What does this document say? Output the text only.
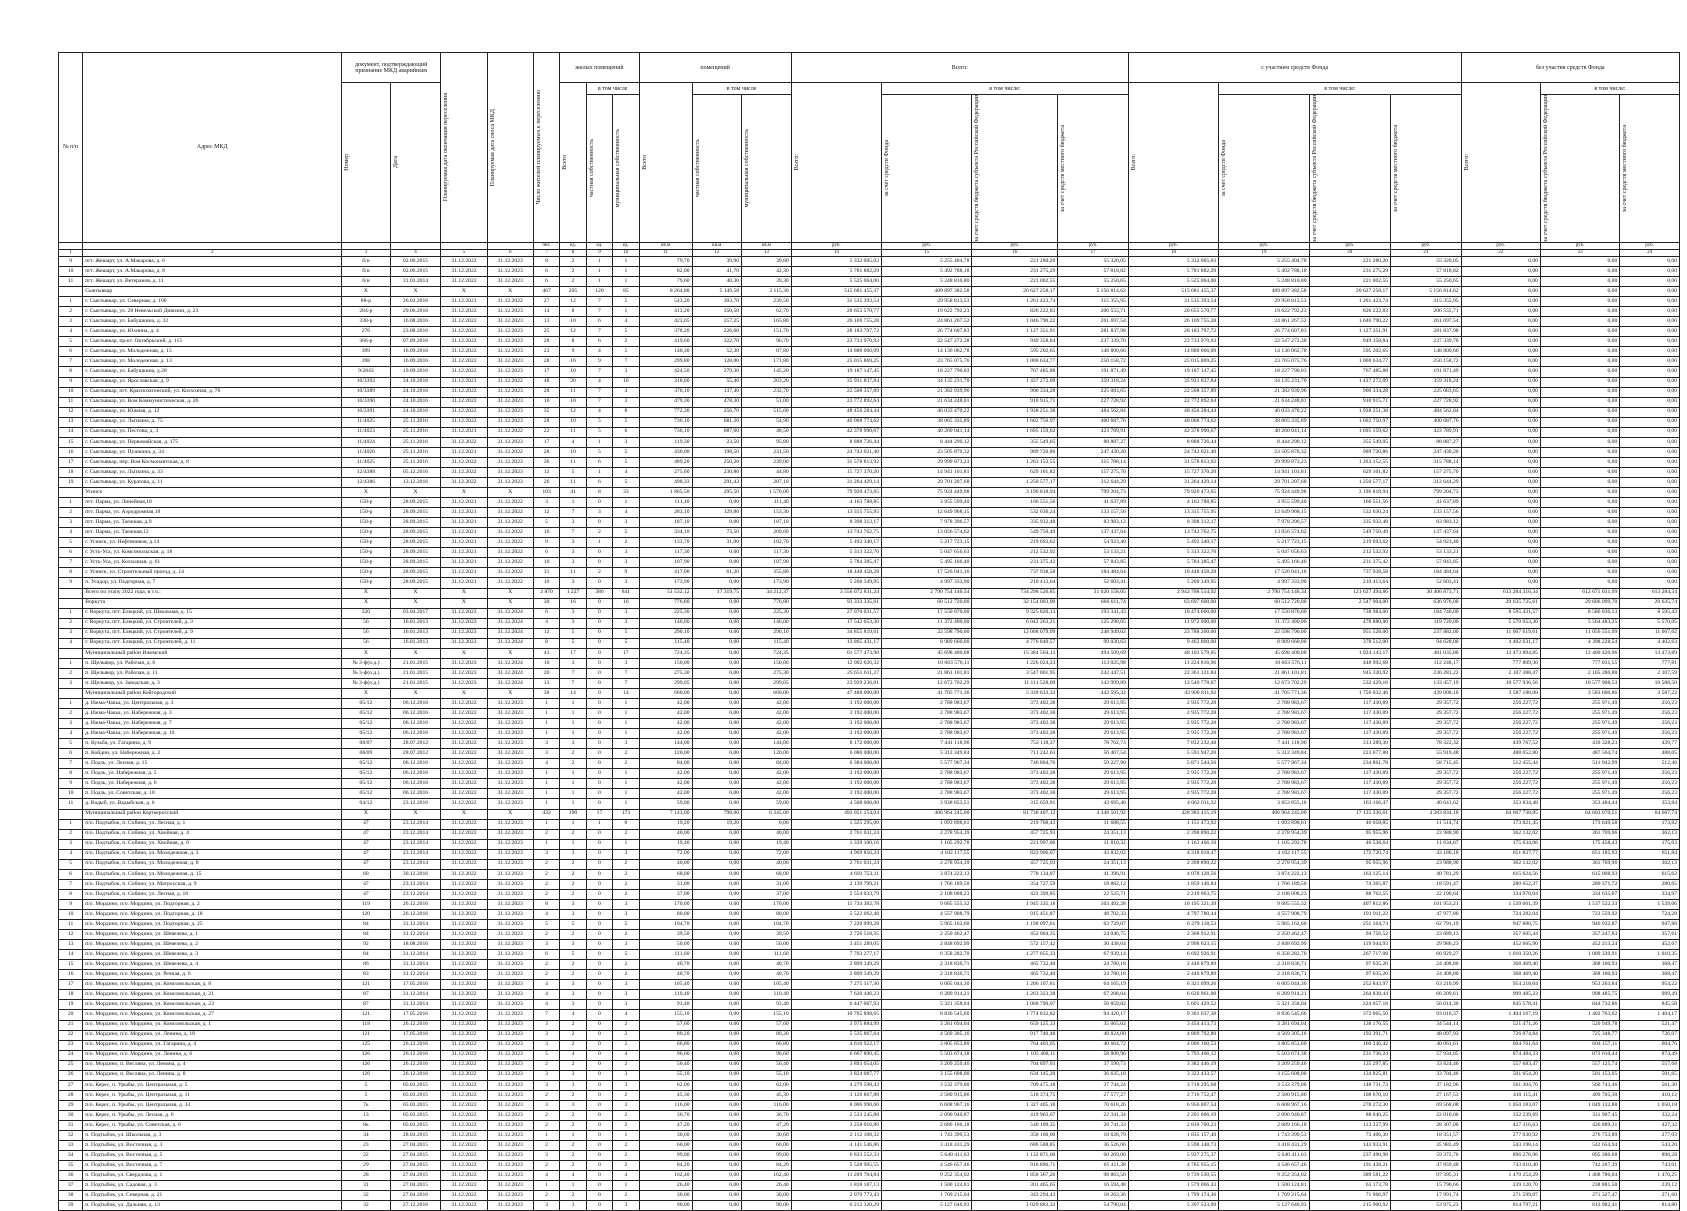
№ п/п	Адрес МКД	документ, подтверждающий признание МКД аварийным		Планируемая дата окончания переселения	Планируемая дата сноса МКД	Число жителей планируемых к переселению	жилых помещений			помещений			Всего:				с участием средств Фонда				без участия средств Фонда		

		Номер	Дата				Всего	в том числе		Всего	в том числе		Всего:	в том числе:			Всего:	в том числе:			Всего:	в том числе:	

								частная собственность	муниципальная собственность		частная собственность	муниципальная собственность		за счет средств Фонда	за счет средств бюджета субъекта Российской Федерации	за счет средств местного бюджета		за счет средств Фонда	за счет средств бюджета субъекта Российской Федерации	за счет средств местного бюджета		за счет средств бюджета субъекта Российской Федерации	за счет средств местного бюджета

						чел.	ед.	ед.	ед.	кв.м	кв.м	кв.м	руб.	руб.	руб.	руб.	руб.	руб.	руб.	руб.	руб.	руб.	руб.
1	2	3	4	5	6	7	8	9	10	11	12	13	14	15	16	17	18	19	20	21	22	23	24
9	пгт. Жешарт, ул. А.Макарова, д. 6	б/н	02.06.2015	31.12.2022	31.12.2023	8	2	1	1	79,70	39,90	39,80	5 332 005,03	5 255 404,78	221 280,20	55 320,05	5 332 005,03	5 255 404,78	221 280,20	55 320,05	0,00	0,00	0,00
10	пгт. Жешарт, ул. А.Макарова, д. 8	б/н	02.06.2015	31.12.2022	31.12.2023	6	2	1	1	82,00	41,70	42,30	5 781 882,29	5 492 788,18	231 275,29	57 818,82	5 781 882,29	5 492 788,18	231 275,29	57 818,82	0,00	0,00	0,00
11	пгт. Жешарт, ул. Ветеранов, д. 11	б/н	31.03.2014	31.12.2022	31.12.2023	6	2	1	1	79,60	40,30	39,30	5 525 064,00	5 248 810,80	221 002,55	55 250,65	5 525 064,00	5 248 810,80	221 002,55	55 250,65	0,00	0,00	0,00
	Сыктывкар	X	X	X	X	467	205	120	85	8 264,88	5 149,58	3 115,30	515 681 455,37	489 897 382,58	20 627 258,17	5 156 814,62	515 681 455,37	489 897 382,58	20 627 258,17	5 156 814,62	0,00	0,00	0,00
1	г. Сыктывкар, ул. Северная, д. 100	88-р	26.02.2016	31.12.2021	31.12.2022	27	12	7	5	543,20	303,70	239,50	31 535 393,54	29 958 813,53	1 261 423,74	315 355,95	31 535 393,54	29 958 813,53	1 261 423,74	315 355,95	0,00	0,00	0,00
2	г. Сыктывкар, ул. 28 Невельской Дивизии, д. 23	284-р	29.06.2016	31.12.2022	31.12.2023	14	8	7	1	413,20	350,50	62,70	20 655 570,77	19 622 792,23	826 222,83	206 555,71	20 655 570,77	19 622 792,23	826 222,83	206 555,71	0,00	0,00	0,00
3	г. Сыктывкар, ул. Бабушкина, д. 32	338-р	16.08.2016	31.12.2022	31.12.2023	13	10	6	4	423,05	257,25	165,80	26 169 755,28	24 861 267,52	1 046 790,22	261 697,54	26 169 755,28	24 861 267,52	1 046 790,22	261 697,54	0,00	0,00	0,00
4	г. Сыктывкар, ул. Юхнина, д. 4	276	23.08.2016	31.12.2022	31.12.2023	25	12	7	5	378,20	226,60	151,70	28 183 797,72	26 774 607,83	1 127 351,91	281 837,98	28 183 797,72	26 774 607,83	1 127 351,91	281 837,98	0,00	0,00	0,00
5	г. Сыктывкар, пр-кт. Октябрьский, д. 115	366-р	07.09.2016	31.12.2022	31.12.2023	28	8	6	2	419,60	322,70	96,70	23 733 970,93	22 547 272,38	949 358,84	237 339,70	23 733 970,93	22 547 272,38	949 358,84	237 339,70	0,00	0,00	0,00
6	г. Сыктывкар, ул. Молодежная, д. 15	399	16.09.2016	31.12.2022	31.12.2023	23	9	4	5	140,30	52,30	87,80	14 880 066,09	14 136 062,78	595 202,65	148 800,66	14 880 066,09	14 136 062,78	595 202,65	148 800,66	0,00	0,00	0,00
7	г. Сыктывкар, ул. Молодежная, д. 13	398	16.09.2016	31.12.2022	31.12.2023	28	16	9	7	299,80	128,00	171,80	25 015 869,25	23 765 075,76	1 000 634,77	250 158,72	25 015 869,25	23 765 075,76	1 000 634,77	250 158,72	0,00	0,00	0,00
8	г. Сыктывкар, ул. Бабушкина, д.28	9/2843	19.09.2016	31.12.2022	31.12.2023	17	10	7	3	424,50	279,30	145,20	19 187 147,45	18 227 790,03	767 485,88	191 871,49	19 187 147,45	18 227 790,03	767 485,88	191 871,49	0,00	0,00	0,00
9	г. Сыктывкар, ул. Ярославская, д. 9	10/3392	24.10.2016	31.12.2021	31.12.2022	48	20	4	16	318,60	55,40	263,20	35 931 837,84	34 135 231,70	1 437 272,09	359 318,24	35 931 837,84	34 135 231,70	1 437 272,09	359 318,24	0,00	0,00	0,00
10	г. Сыктывкар, пгт. Краснозатонский, ул. Колхозная, д. 78	10/3389	24.10.2016	31.12.2022	31.12.2023	28	11	7	4	370,10	137,40	232,70	22 508 357,89	21 382 939,96	900 334,28	225 083,65	22 508 357,89	21 382 939,96	900 334,28	225 083,65	0,00	0,00	0,00
11	г. Сыктывкар, ул. Вом Коммунистическая, д. 26	10/3390	24.10.2016	31.12.2022	31.12.2023	16	10	7	3	479,30	478,30	51,00	22 772 892,64	21 634 248,01	910 915,71	227 728,92	22 772 892,64	21 634 248,01	910 915,71	227 728,92	0,00	0,00	0,00
12	г. Сыктывкар, ул. Южная, д. 12	10/3391	24.10.2016	31.12.2022	31.12.2023	35	12	4	8	772,30	256,70	515,60	48 456 284,44	46 033 470,22	1 938 251,38	484 562,84	48 456 284,44	46 033 470,22	1 938 251,38	484 562,84	0,00	0,00	0,00
13	г. Сыктывкар, ул. Лыткина, д. 75	11/4025	25.11.2016	31.12.2022	31.12.2023	28	10	5	5	736,10	681,20	54,90	40 068 774,62	38 065 335,89	1 602 750,97	400 687,76	40 068 774,62	38 065 335,89	1 602 750,97	400 687,76	0,00	0,00	0,00
14	г. Сыктывкар, ул. Пестова, д. 3	11/4023	25.11.2016	31.12.2021	31.12.2022	22	11	5	6	736,10	687,60	48,50	42 378 990,67	40 260 041,14	1 695 159,62	423 789,91	42 378 990,67	40 260 041,14	1 695 159,62	423 789,91	0,00	0,00	0,00
15	г. Сыктывкар, ул. Первомайская, д. 175	11/4024	25.11.2016	31.12.2022	31.12.2023	17	4	1	3	119,30	23,50	95,80	8 888 726,44	8 444 290,12	355 549,05	88 887,27	8 888 726,44	8 444 290,12	355 549,05	88 887,27	0,00	0,00	0,00
16	г. Сыктывкар, ул. Пушкина, д. 34	11/4026	25.11.2016	31.12.2021	31.12.2022	28	10	5	5	430,00	198,50	231,50	24 743 021,40	23 505 870,32	989 720,86	247 430,20	24 743 021,40	23 505 870,32	989 720,86	247 430,20	0,00	0,00	0,00
17	г. Сыктывкар, пер. Вом Космонавтская, д. 8	11/4025	25.11.2016	31.12.2022	31.12.2023	36	11	6	5	489,20	250,20	239,00	31 578 813,92	29 999 873,23	1 263 152,55	315 788,14	31 578 813,92	29 999 873,23	1 263 152,55	315 788,14	0,00	0,00	0,00
18	г. Сыктывкар, ул. Лыткина, д. 33	12/4388	05.12.2016	31.12.2022	31.12.2023	12	5	1	4	275,60	230,80	44,80	15 727 370,20	14 941 101,81	629 101,82	157 275,70	15 727 370,20	14 941 101,81	629 101,82	157 275,70	0,00	0,00	0,00
19	г. Сыктывкар, ул. Куратова, д. 11	12/4386	13.12.2016	31.12.2022	31.12.2023	26	11	6	5	498,33	291,43	207,10	31 264 429,14	29 701 207,68	1 250 577,17	312 644,29	31 264 429,14	29 701 207,68	1 250 577,17	312 644,29	0,00	0,00	0,00
	Усинск	X	X	X	X	103	41	8	33	1 865,50	295,50	1 570,00	79 920 473,65	75 924 449,98	3 196 818,94	799 204,73	79 920 473,65	75 924 449,98	3 196 818,94	799 204,73	0,00	0,00	0,00
1	пгт. Парма, ул. Линейная,18	150-р	28.09.2015	31.12.2021	31.12.2022	3	1	0	1	111,40	0,00	111,40	4 163 788,85	3 955 599,40	166 551,56	41 637,89	4 163 788,85	3 955 599,40	166 551,56	41 637,89	0,00	0,00	0,00
2	пгт. Парма, ул. Аэродромная,18	150-р	28.09.2015	31.12.2021	31.12.2022	12	7	3	4	283,10	129,80	153,30	13 315 755,95	12 649 968,15	532 630,24	133 157,56	13 315 755,95	12 649 968,15	532 630,24	133 157,56	0,00	0,00	0,00
3	пгт. Парма, ул. Таежная, д.9	150-р	28.09.2015	31.12.2021	31.12.2022	5	3	0	3	187,10	0,00	187,10	8 398 312,17	7 978 396,57	335 932,48	83 983,12	8 398 312,17	7 978 396,57	335 932,48	83 983,12	0,00	0,00	0,00
4	пгт. Парма, ул. Таежная,12	150-р	28.09.2015	31.12.2021	31.12.2022	16	7	2	5	334,10	73,50	260,60	13 743 762,75	13 056 574,62	549 750,49	137 437,64	13 743 762,75	13 056 574,62	549 750,49	137 437,64	0,00	0,00	0,00
5	г. Усинск, ул. Нефтяников, д.14	150-р	28.09.2015	31.12.2021	31.12.2022	9	3	1	2	133,70	31,00	102,70	5 492 340,17	5 217 723,15	219 693,62	54 923,40	5 492 340,17	5 217 723,15	219 693,62	54 923,40	0,00	0,00	0,00
6	г. Усть-Уса, ул. Комсомольская, д. 18	150-р	28.09.2015	31.12.2021	31.12.2022	6	3	0	3	117,30	0,00	117,30	5 313 322,76	5 047 656,63	212 532,92	53 133,21	5 313 322,76	5 047 656,63	212 532,92	53 133,21	0,00	0,00	0,00
7	г. Усть-Уса, ул. Колхозная, д. 61	150-р	28.09.2015	31.12.2021	31.12.2022	10	3	0	3	107,90	0,00	107,90	5 784 385,47	5 495 166,40	231 375,42	57 843,85	5 784 385,47	5 495 166,40	231 375,42	57 843,85	0,00	0,00	0,00
8	г. Усинск, ул. Строительный проезд, д. 14	150-р	28.09.2015	31.12.2021	31.12.2022	31	11	2	9	417,00	61,20	355,80	18 448 458,28	17 526 041,16	737 938,58	184 484,64	18 448 458,28	17 526 041,16	737 938,58	184 484,64	0,00	0,00	0,00
9	п. Усадор, ул. Подгорная, д. 7	150-р	28.09.2015	31.12.2021	31.12.2022	10	3	0	3	173,90	0,00	173,90	5 260 349,95	4 997 333,90	210 413,64	52 603,41	5 260 349,95	4 997 333,90	210 413,64	52 603,41	0,00	0,00	0,00
	Всего по этапу 2022 года, в т.ч.:	X	X	X	X	2 870	1 227	386	841	51 532,12	17 319,75	34 212,37	3 556 072 831,24	2 790 754 146,34	734 298 526,85	31 020 158,05	2 942 788 514,92	2 790 754 146,34	121 627 494,86	30 406 873,71	613 284 316,34	612 671 031,99	613 284,34
	Воркута	X	X	X	X	30	16	0	16	776,80	0,00	776,80	93 333 335,61	60 512 720,00	32 154 003,90	666 611,74	63 697 600,00	60 512 720,00	2 547 904,00	636 976,00	29 635 735,61	29 606 099,70	29 635,74
1	г. Воркута, пгт. Елецкий, ул. Школьная, д. 15	320	03.04.2017	31.12.2023	31.12.2024	6	3	0	3	225,30	0,00	225,30	27 070 031,57	17 550 870,00	9 325 820,13	193 341,43	18 474 600,00	17 550 870,00	738 984,00	184 746,00	8 595 431,57	8 586 836,13	8 595,43
2	г. Воркута, пгт. Елецкий, ул. Строителей, д. 3	56	16.01.2013	31.12.2023	31.12.2024	4	3	0	3	146,00	0,00	146,00	17 542 053,30	11 372 400,00	6 043 263,21	125 290,05	11 972 000,00	11 372 400,00	478 880,00	119 720,00	5 570 053,30	5 564 483,25	5 570,05
3	г. Воркута, пгт. Елецкий, ул. Строителей, д. 9	56	16.01.2013	31.12.2023	31.12.2024	12	5	0	5	290,10	0,00	290,10	34 855 819,61	22 598 790,00	12 008 079,99	248 949,62	23 788 200,00	22 598 790,00	951 528,00	237 882,00	11 067 619,61	11 056 551,99	11 067,62
4	г. Воркута, пгт. Елецкий, ул. Строителей, д. 11	56	16.01.2013	31.12.2023	31.12.2024	8	5	0	5	115,40	0,00	115,40	13 865 431,17	8 989 660,00	4 776 840,57	99 030,63	9 462 800,00	8 989 660,00	378 512,00	94 628,00	4 402 631,17	4 398 228,54	4 402,63
	Муниципальный район Ижемский	X	X	X	X	43	17	0	17	724,35	0,00	724,35	61 577 473,90	45 698 400,08	15 384 564,13	494 509,69	48 103 579,05	45 698 400,08	1 924 143,17	481 035,80	13 473 894,85	13 460 420,96	13 473,89
1	п. Щельяюр, ул. Рабочая, д. 6	№ 3-ф(о.д.)	21.01.2015	31.12.2023	31.12.2024	10	3	0	3	150,00	0,00	150,00	12 002 626,32	10 663 576,11	1 226 024,23	113 025,98	11 224 816,96	10 663 576,11	448 992,68	112 248,17	777 809,36	777 031,55	777,81
2	п. Щельяюр, ул. Рабочая, д. 11	№ 3-ф(о.д.)	21.01.2015	31.12.2023	31.12.2024	20	7	0	7	275,30	0,00	275,30	25 651 611,27	21 861 101,81	3 547 061,95	242 447,51	22 361 121,84	21 861 101,81	945 320,92	236 281,22	2 107 388,47	2 105 280,88	2 107,59
3	п. Щельяюр, ул. Заводская, д. 3	№ 3-ф(о.д.)	21.01.2015	31.12.2023	31.12.2024	13	7	0	7	299,05	0,00	299,05	23 929 236,01	12 673 702,29	11 111 528,09	143 999,89	12 540 778,07	12 673 702,29	532 429,16	133 457,19	10 577 936,56	10 577 908,53	10 588,50
	Муниципальный район Койгородский	X	X	X	X	30	14	0	14	660,00	0,00	660,00	47 488 000,00	41 705 771,36	5 339 633,32	442 595,32	43 900 811,92	41 705 771,36	1 756 032,46	439 008,10	3 587 188,08	3 583 600,86	3 587,22
1	д. Ижма-Чакьа, ул. Центральная, д. 3	05/12	06.12.2016	31.12.2022	31.12.2023	1	1	0	1	42,00	0,00	42,00	3 192 000,00	2 788 983,67	373 402,38	29 613,95	2 935 772,28	2 788 983,67	117 430,89	29 357,72	256 227,72	255 971,49	256,23
2	д. Ижма-Чакьа, ул. Набережная, д. 3	05/12	06.12.2016	31.12.2022	31.12.2023	1	1	0	1	42,00	0,00	42,00	3 192 000,00	2 788 983,67	373 402,38	29 613,95	2 935 772,28	2 788 983,67	117 430,89	29 357,72	256 227,72	255 971,49	256,23
3	д. Ижма-Чакьа, ул. Набережная, д. 7	05/12	06.12.2016	31.12.2022	31.12.2023	1	1	0	1	42,00	0,00	42,00	3 192 000,00	2 788 983,67	373 402,38	29 613,95	2 935 772,28	2 788 983,67	117 430,89	29 357,72	256 227,72	255 971,49	256,23
4	д. Ижма-Чакьа, ул. Набережная, д. 10	05/12	06.12.2016	31.12.2022	31.12.2023	1	1	0	1	42,00	0,00	42,00	3 192 000,00	2 788 983,67	373 402,38	29 613,95	2 935 772,28	2 788 983,67	117 430,89	29 357,72	256 227,72	255 971,49	256,23
5	п. Кузьба, ул. Гагарина, д. 9	08/07	28.07.2012	31.12.2022	31.12.2023	3	3	0	3	144,00	0,00	144,00	8 172 000,00	7 441 118,96	752 118,37	78 762,73	7 832 232,48	7 441 118,96	313 289,30	78 322,32	439 767,52	439 328,23	439,77
6	п. Койдин, ул. Набережная, д. 2	08/09	28.07.2012	31.12.2022	31.12.2023	3	2	0	2	120,00	0,00	120,00	6 080 000,00	5 312 349,84	711 242,63	56 407,54	5 591 947,20	5 312 349,84	223 677,88	55 919,48	488 052,80	487 564,74	488,05
7	п. Подзь, ул. Лесная, д. 15	05/12	06.12.2016	31.12.2022	31.12.2023	4	2	0	2	84,00	0,00	84,00	6 384 000,00	5 577 967,34	746 804,76	59 227,90	5 871 544,56	5 577 967,34	234 861,78	58 715,45	512 455,44	511 942,99	512,46
8	п. Подзь, ул. Набережная, д. 5	05/12	06.12.2016	31.12.2022	31.12.2023	1	1	0	1	42,00	0,00	42,00	3 192 000,00	2 788 983,67	373 402,38	29 613,95	2 935 772,28	2 788 983,67	117 430,89	29 357,72	256 227,72	255 971,49	256,23
9	п. Подзь, ул. Набережная, д. 6	05/12	06.12.2016	31.12.2022	31.12.2023	1	1	0	1	42,00	0,00	42,00	3 192 000,00	2 788 983,67	373 402,38	29 613,95	2 935 772,28	2 788 983,67	117 430,89	29 357,72	256 227,72	255 971,49	256,23
10	п. Подзь, ул. Советская, д. 10	05/12	06.12.2016	31.12.2022	31.12.2023	1	1	0	1	42,00	0,00	42,00	3 192 000,00	2 788 983,67	373 402,38	29 613,95	2 935 772,28	2 788 983,67	117 430,89	29 357,72	256 227,72	255 971,49	256,23
11	д. Вадыб, ул. Вадыбская, д. 6	04/12	23.12.2016	31.12.2022	31.12.2023	1	1	0	1	59,00	0,00	59,00	4 508 000,00	3 938 853,51	315 659,91	43 695,46	4 062 011,32	3 853 855,10	163 166,47	40 641,62	353 834,48	353 484,44	353,84
	Муниципальный район Корткеросский	X	X	X	X	432	190	17	173	7 143,00	798,00	6 345,00	493 051 154,04	406 964 245,00	81 738 407,12	4 348 501,92	428 383 415,19	406 964 245,00	17 135 336,61	4 283 834,18	64 667 738,85	64 603 070,51	64 667,74
1	п/о. Подтыбок, п. Собино, ул. Лесная, д. 1	47	23.12.2014	31.12.2022	31.12.2023	1	1	1	0	19,20	19,20	0,00	1 325 295,00	1 093 898,61	219 708,43	11 688,55	1 151 473,92	1 093 898,61	46 058,85	11 514,74	173 821,45	173 649,58	173,82
2	п/о. Подтыбок, п. Собино, ул. Хвойная, д. 4	47	23.12.2014	31.12.2022	31.12.2023	2	2	0	2	40,00	0,00	40,00	2 761 031,24	2 278 954,39	457 725,93	24 351,13	2 398 890,22	2 278 954,39	95 955,96	23 988,90	362 132,02	361 769,96	362,13
3	п/о. Подтыбок, п. Собино, ул. Хвойная, д. 6	47	23.12.2014	31.12.2022	31.12.2023	1	1	0	1	19,40	0,00	19,40	1 339 100,16	1 105 292,78	221 997,06	11 810,32	1 163 466,10	1 105 292,78	46 538,64	11 634,67	175 634,06	175 458,43	175,63
4	п/о. Подтыбок, п. Собино, ул. Молодежная, д. 3	47	23.12.2014	31.12.2022	31.12.2023	3	3	0	3	72,00	0,00	72,00	4 969 856,24	4 102 117,55	823 906,67	43 832,02	4 318 018,47	4 102 117,55	172 720,74	43 180,18	651 837,77	651 185,93	651,84
5	п/о. Подтыбок, п. Собино, ул. Молодежная, д. 8	47	23.12.2014	31.12.2022	31.12.2023	2	2	0	2	40,00	0,00	40,00	2 761 031,24	2 278 954,39	457 725,93	24 351,13	2 398 890,22	2 278 954,39	95 955,96	23 988,90	362 132,02	361 769,96	362,13
6	п/о. Подтыбок, п. Собино, ул. Молодежная, д. 15	60	30.12.2016	31.12.2022	31.12.2023	2	2	0	2	68,00	0,00	68,00	4 693 753,11	3 874 222,13	778 134,07	41 396,91	4 078 128,56	3 874 222,13	163 125,14	40 781,29	615 624,56	615 008,93	615,62
7	п/о. Подтыбок, п. Собино, ул. Матросская, д. 9	47	23.12.2014	31.12.2022	31.12.2023	2	2	0	2	31,00	0,00	31,00	2 139 799,21	1 766 189,50	354 727,59	18 882,12	1 859 146,84	1 766 189,50	74 365,87	18 591,47	280 652,37	280 371,72	280,65
8	п/о. Подтыбок, п. Собино, ул. Лесная, д. 18	47	23.12.2014	31.12.2022	31.12.2023	2	2	0	2	37,00	0,00	37,00	2 554 033,79	2 108 008,23	423 399,85	22 525,71	2 219 063,75	2 108 008,23	88 762,55	22 190,64	334 970,04	334 635,07	334,97
9	п/о. Мордино, п/о. Мордино, ул. Подгорная, д. 2	119	26.12.2016	31.12.2022	31.12.2023	8	3	0	3	170,00	0,00	170,00	11 734 382,78	9 685 555,32	1 945 335,18	103 492,28	10 195 321,39	9 685 555,32	407 812,86	101 953,21	1 539 061,39	1 537 522,33	1 539,06
10	п/о. Мордино, п/о. Мордино, ул. Подгорная, д. 18	120	26.12.2016	31.12.2022	31.12.2023	4	3	0	3	80,00	0,00	80,00	5 522 062,48	4 557 908,79	915 451,87	48 702,33	4 797 780,44	4 557 908,79	191 911,22	47 977,80	724 282,04	723 559,92	724,28
11	п/о. Мордино, п/о. Мордино, ул. Подгорная, д. 25	84	31.12.2014	31.12.2022	31.12.2023	5	5	0	5	104,70	0,00	104,70	7 226 999,28	5 965 162,60	1 198 097,61	63 739,07	6 279 118,53	5 965 162,60	251 164,74	62 791,19	947 880,75	946 932,87	947,88
12	п/о. Мордино, п/о. Мордино, ул. Шевелева, д. 1	84	31.12.2014	31.12.2022	31.12.2023	2	2	0	2	39,50	0,00	39,50	2 726 518,35	2 250 462,47	452 004,35	24 046,75	2 368 912,91	2 250 462,47	94 756,52	23 689,13	357 605,44	357 247,83	357,61
13	п/о. Мордино, п/о. Мордино, ул. Шевелева, д. 2	92	18.08.2016	31.12.2022	31.12.2023	3	3	0	3	50,00	0,00	50,00	3 451 289,05	2 848 692,99	572 157,42	30 438,64	2 998 623,15	2 848 692,99	119 944,93	29 986,23	452 665,90	452 213,24	452,67
14	п/о. Мордино, п/о. Мордино, ул. Шевелева, д. 3	84	31.12.2014	31.12.2022	31.12.2023	6	5	0	5	111,60	0,00	111,60	7 703 277,17	6 358 282,70	1 277 055,33	67 939,14	6 692 926,91	6 358 282,70	267 717,08	66 929,27	1 010 350,26	1 009 339,91	1 010,35
15	п/о. Мордино, п/о. Мордино, ул. Шевелева, д. 4	86	31.12.2014	31.12.2022	31.12.2023	2	2	0	2	40,70	0,00	40,70	2 809 349,29	2 318 836,71	465 732,40	24 780,18	2 440 879,89	2 318 836,71	97 635,20	24 408,80	368 469,40	368 100,93	368,47
16	п/о. Мордино, п/о. Мордино, ул. Речная, д. 6	83	31.12.2014	31.12.2022	31.12.2023	2	2	0	2	40,70	0,00	40,70	2 809 349,29	2 318 836,71	465 732,40	24 780,18	2 440 879,89	2 318 836,71	97 635,20	24 408,80	368 469,40	368 100,93	368,47
17	п/о. Мордино, п/о. Мордино, ул. Комсомольская, д. 8	121	17.05.2016	31.12.2022	31.12.2023	4	3	0	3	105,40	0,00	105,40	7 275 317,30	6 005 044,30	1 206 107,81	64 165,19	6 321 099,26	6 005 044,30	252 843,97	63 210,99	954 218,04	953 263,84	954,22
18	п/о. Мордино, п/о. Мордино, ул. Комсомольская, д. 21	87	31.12.2014	31.12.2022	31.12.2023	4	3	0	3	110,40	0,00	110,40	7 620 446,23	6 289 914,21	1 263 323,38	67 208,64	6 620 961,00	6 289 914,21	264 838,44	66 209,61	999 485,23	998 485,75	999,49
19	п/о. Мордино, п/о. Мордино, ул. Комсомольская, д. 23	87	31.12.2014	31.12.2022	31.12.2023	4	3	0	3	93,40	0,00	93,40	6 447 007,93	5 321 358,04	1 068 790,07	56 859,82	5 601 429,52	5 321 358,04	224 057,18	56 014,30	845 578,41	844 732,86	845,58
20	п/о. Мордино, п/о. Мордино, ул. Комсомольская, д. 27	121	17.05.2016	31.12.2022	31.12.2023	7	4	0	4	155,10	0,00	155,10	10 705 898,65	8 836 545,66	1 774 832,82	94 420,17	9 301 637,38	8 836 545,66	372 065,50	93 016,37	1 404 167,19	1 402 763,02	1 404,17
21	п/о. Мордино, п/о. Мордино, ул. Комсомольская, д. 1	118	26.12.2016	31.12.2022	31.12.2023	3	2	0	2	57,60	0,00	57,60	3 975 884,99	3 281 694,04	659 125,33	35 065,62	3 454 413,73	3 281 694,04	138 176,55	34 544,14	521 471,26	520 949,78	521,47
22	п/о. Мордино, п/о. Мордино, ул. Ленина, д. 18	121	17.05.2016	31.12.2022	31.12.2023	3	2	0	2	80,20	0,00	80,20	5 535 867,64	4 569 305,16	917 740,48	48 824,00	4 809 792,80	4 569 305,16	192 391,71	48 097,93	726 074,84	725 348,77	726,07
23	п/о. Мордино, п/о. Мордино, ул. Гагарина, д. 4	125	26.12.2016	31.12.2022	31.12.2023	3	2	0	2	66,80	0,00	66,80	4 610 922,17	3 805 853,80	764 403,65	40 664,72	4 006 160,53	3 805 853,80	160 246,42	40 061,61	604 761,64	604 157,11	604,76
24	п/о. Мордино, п/о. Мордино, ул. Ленина, д. 6	126	26.12.2016	31.12.2022	31.12.2023	5	4	0	4	96,60	0,00	96,60	6 667 890,45	5 503 674,38	1 105 408,11	58 808,96	5 793 406,12	5 503 674,38	231 736,24	57 934,05	874 484,33	873 610,44	874,49
25	п/о. Мордино, п. Весляна, ул. Ленина, д. 4	126	26.12.2016	31.12.2022	31.12.2023	2	2	0	2	56,40	0,00	56,40	3 893 054,05	3 209 259,46	704 897,93	37 590,73	3 382 446,19	3 209 259,46	135 297,85	33 824,46	557 683,47	557 125,74	557,68
26	п/о. Мордино, п. Весляна, ул. Ленина, д. 8	126	26.12.2016	31.12.2022	31.12.2023	3	3	0	3	55,10	0,00	55,10	3 824 087,77	3 155 608,00	634 145,20	36 635,18	3 322 433,57	3 155 608,00	134 825,81	33 704,46	501 654,20	501 153,05	501,65
27	п/о. Керес, п. Урыбы, ул. Центральная, д. 5	5	05.03.2015	31.12.2022	31.12.2023	3	3	0	3	62,00	0,00	62,00	4 279 598,43	3 532 379,00	709 475,18	37 744,24	3 718 295,68	3 532 379,00	148 731,73	37 182,96	561 304,76	560 743,46	561,30
28	п/о. Керес, п. Урыбы, ул. Центральная, д. 11	5	05.03.2015	31.12.2022	31.12.2023	2	2	0	2	45,30	0,00	45,30	3 126 867,88	2 580 915,86	518 374,75	27 577,27	2 716 752,47	2 580 915,86	108 670,10	27 167,53	410 115,41	409 705,30	410,12
29	п/о. Керес, п. Урыбы, ул. Центральная, д. 33	7к	05.03.2015	31.12.2022	31.12.2023	3	3	0	3	116,00	0,00	116,00	8 006 990,60	6 608 967,16	1 327 405,18	70 618,26	6 956 807,54	6 608 967,16	278 272,30	69 568,08	1 050 183,07	1 049 132,88	1 050,18
30	п/о. Керес, п. Урыбы, ул. Лесная, д. 6	13	05.03.2015	31.12.2022	31.12.2023	2	2	0	2	36,70	0,00	36,70	2 533 245,88	2 090 940,87	419 963,67	22 341,34	2 201 006,19	2 090 940,87	88 040,25	22 010,06	332 239,69	331 907,45	332,24
31	п/о. Керес, п. Урыбы, ул. Советская, д. 6	8к	05.03.2015	31.12.2022	31.12.2023	2	2	0	2	47,20	0,00	47,20	3 258 016,86	2 689 166,18	540 109,35	28 741,33	2 830 700,23	2 689 166,18	113 227,99	28 307,00	427 316,63	426 889,31	427,32
32	п. Подтыбок, ул. Школьная, д. 3	34	28.04.2015	31.12.2022	31.12.2023	1	1	0	1	30,60	0,00	30,60	2 112 188,32	1 743 399,53	350 160,00	18 628,79	1 835 157,40	1 743 399,53	73 406,30	18 351,57	277 030,92	276 753,89	277,03
33	п. Подтыбок, ул. Восточная, д. 3	23	27.04.2015	31.12.2022	31.12.2023	2	2	0	2	60,00	0,00	60,00	4 141 546,86	3 418 431,29	686 588,85	36 526,66	3 598 348,73	3 418 431,29	143 933,91	35 983,49	543 198,14	542 654,94	543,20
34	п. Подтыбок, ул. Восточная, д. 5	22	27.04.2015	31.12.2022	31.12.2023	3	2	0	2	99,00	0,00	99,00	6 833 552,33	5 640 411,63	1 132 871,60	60 269,00	5 937 275,37	5 640 411,63	237 490,98	59 372,76	896 276,96	895 380,68	896,28
35	п. Подтыбок, ул. Восточная, д. 7	29	27.04.2015	31.12.2022	31.12.2023	2	2	0	2	84,20	0,00	84,20	5 528 965,55	4 546 657,46	916 896,71	65 411,38	4 785 955,15	4 546 657,46	191 438,21	47 859,48	743 010,40	742 267,39	743,01
36	п. Подтыбок, ул. Свердлова, д. 1	28	27.04.2015	31.12.2022	31.12.2023	4	4	0	4	162,40	0,00	162,40	11 209 784,84	9 252 354,02	1 858 367,26	98 863,56	9 739 530,55	9 252 354,02	389 581,22	97 395,31	1 470 254,29	1 468 786,04	1 470,25
37	п. Подтыбок, ул. Садовая, д. 3	31	27.04.2015	31.12.2022	31.12.2023	1	1	0	1	26,40	0,00	26,40	1 818 187,13	1 500 124,81	301 465,65	16 594,48	1 579 066,43	1 500 124,81	63 173,78	15 790,66	239 120,70	238 881,58	239,12
38	п. Подтыбок, ул. Северная, д. 21	32	27.04.2016	31.12.2022	31.12.2023	2	2	0	2	30,00	0,00	30,00	2 070 773,43	1 709 215,64	343 294,43	18 263,36	1 799 174,36	1 709 215,64	71 966,97	17 991,74	271 599,07	271 327,47	271,60
39	п. Подтыбок, ул. Дальняя, д. 13	32	27.12.2016	31.12.2022	31.12.2023	3	3	0	3	90,00	0,00	90,00	6 212 320,29	5 127 646,93	1 029 883,32	54 790,04	5 397 523,09	5 127 646,93	215 900,92	53 975,23	814 797,21	813 982,41	814,80
